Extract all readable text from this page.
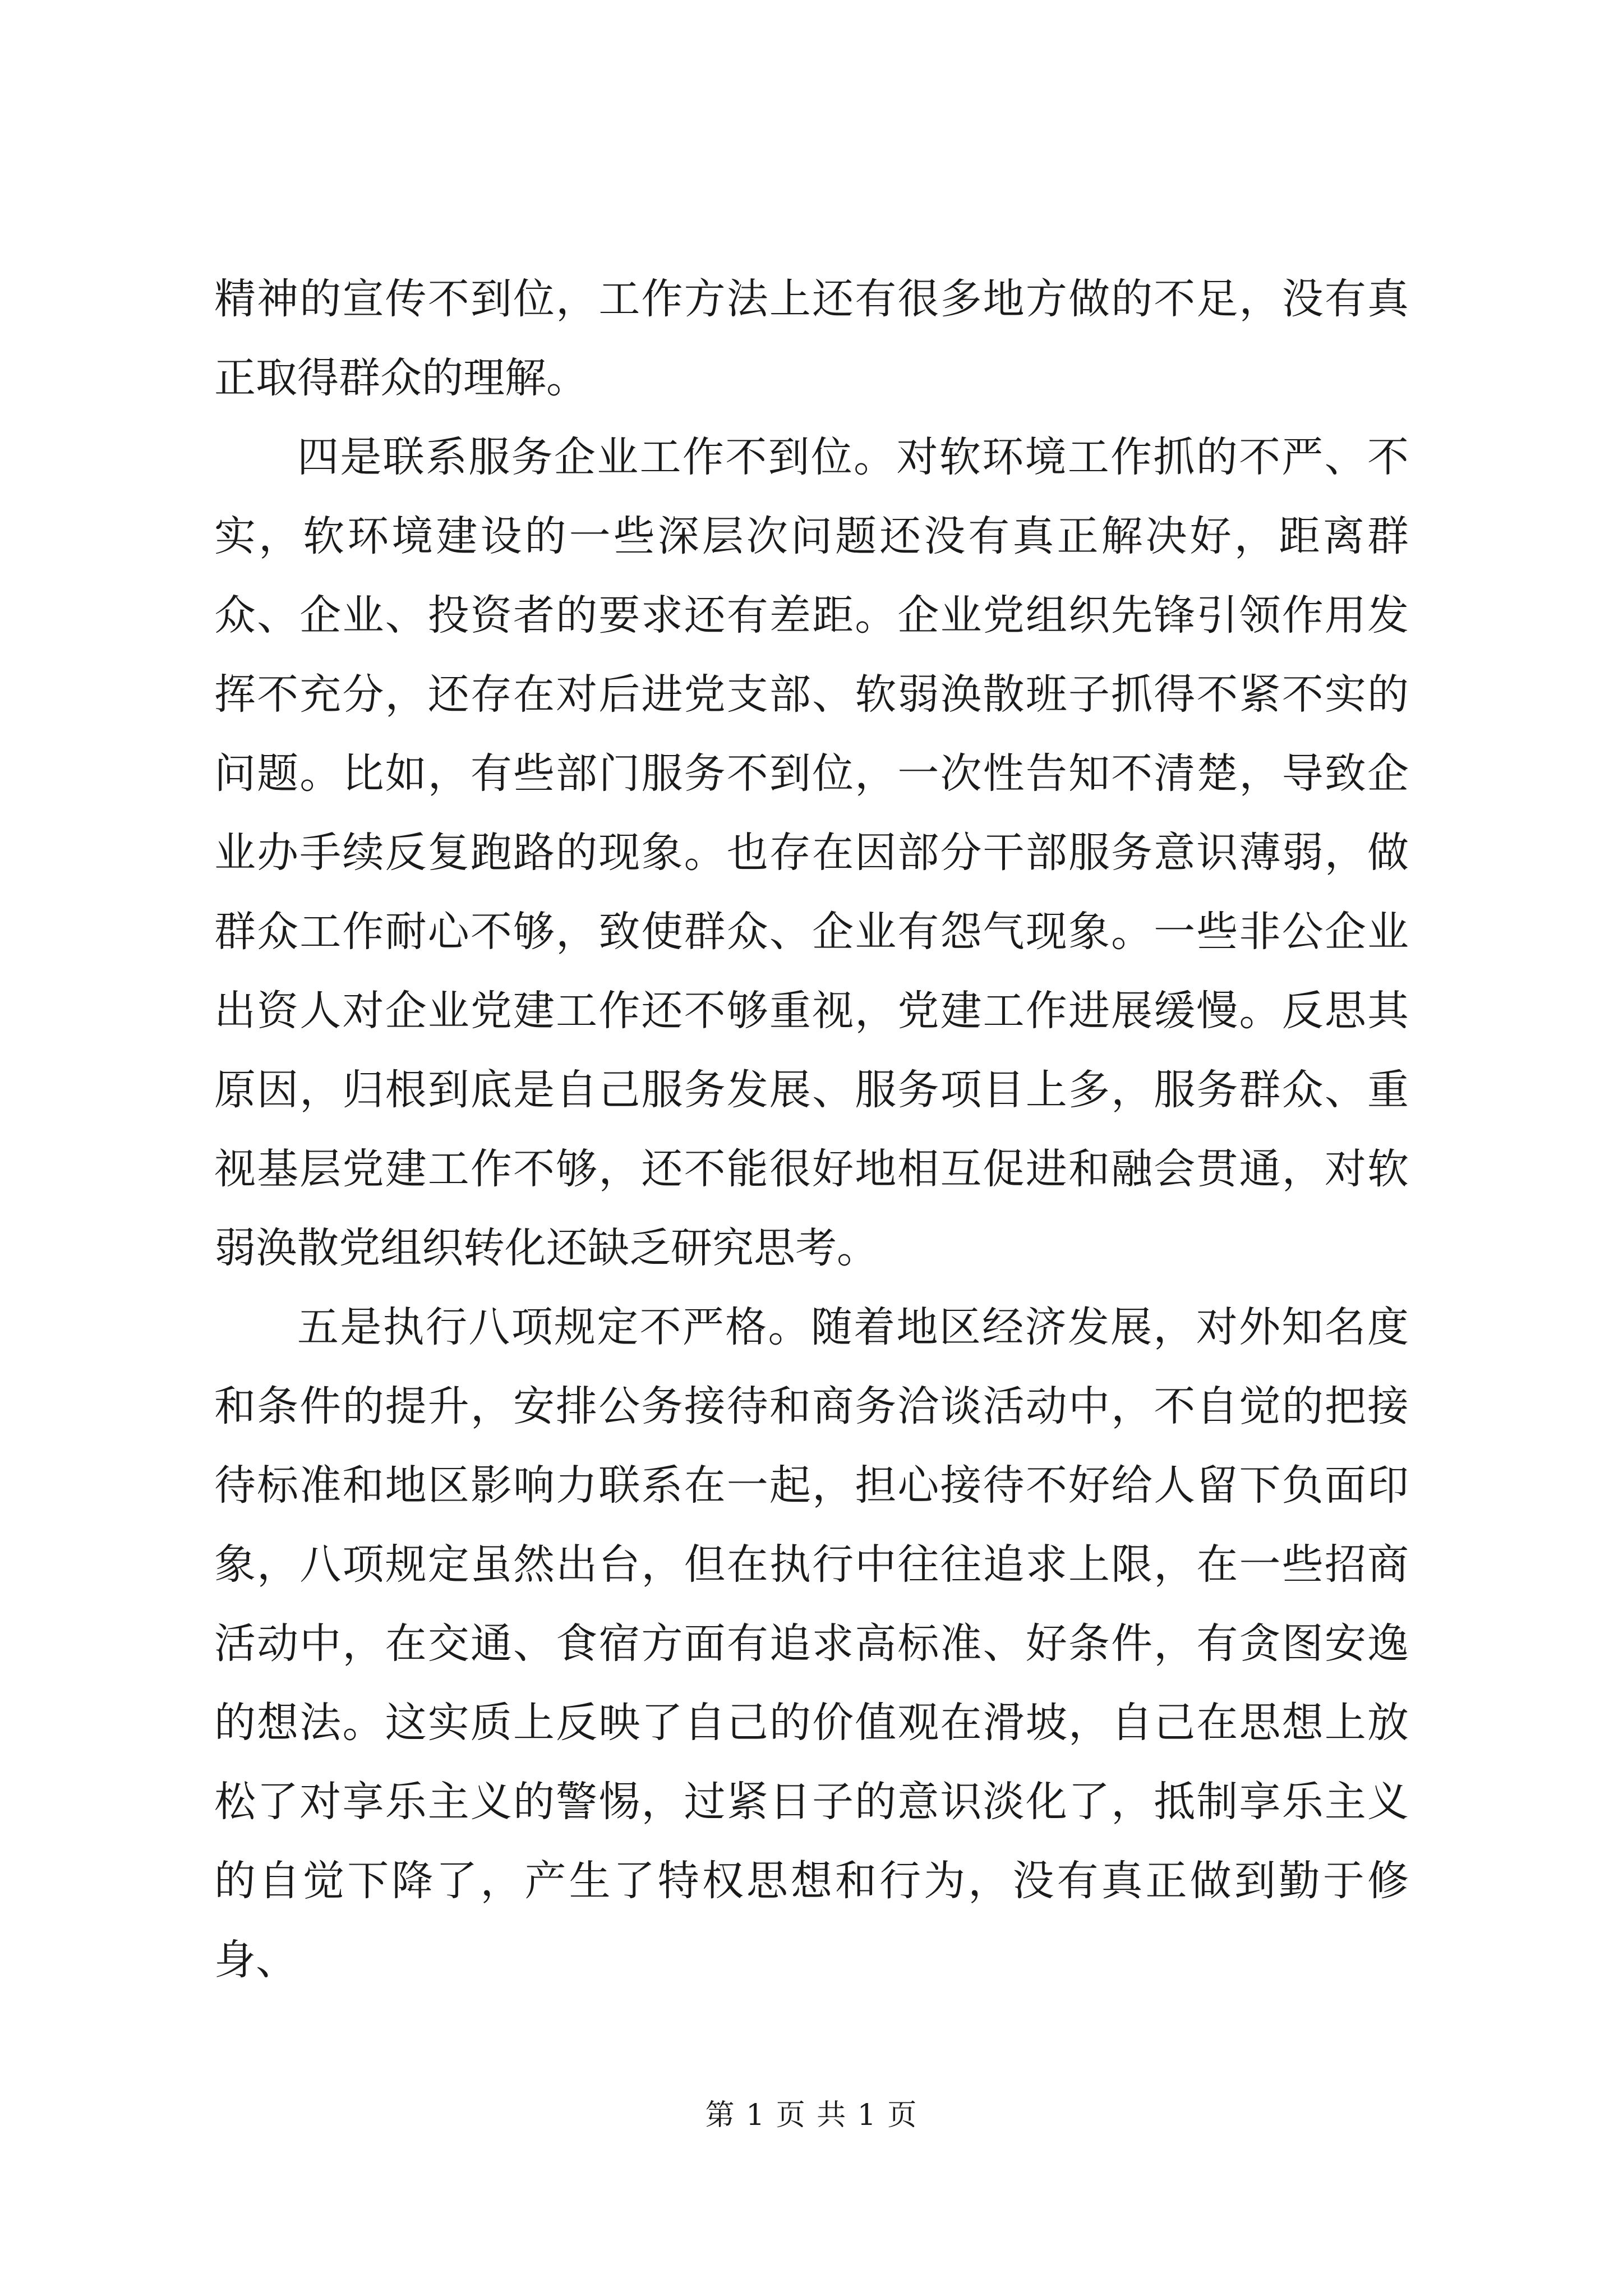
精神的宣传不到位，工作方法上还有很多地方做的不足，没有真正取得群众的理解。

四是联系服务企业工作不到位。对软环境工作抓的不严、不实，软环境建设的一些深层次问题还没有真正解决好，距离群众、企业、投资者的要求还有差距。企业党组织先锋引领作用发挥不充分，还存在对后进党支部、软弱涣散班子抓得不紧不实的问题。比如，有些部门服务不到位，一次性告知不清楚，导致企业办手续反复跑路的现象。也存在因部分干部服务意识薄弱，做群众工作耐心不够，致使群众、企业有怨气现象。一些非公企业出资人对企业党建工作还不够重视，党建工作进展缓慢。反思其原因，归根到底是自己服务发展、服务项目上多，服务群众、重视基层党建工作不够，还不能很好地相互促进和融会贯通，对软弱涣散党组织转化还缺乏研究思考。

五是执行八项规定不严格。随着地区经济发展，对外知名度和条件的提升，安排公务接待和商务洽谈活动中，不自觉的把接待标准和地区影响力联系在一起，担心接待不好给人留下负面印象，八项规定虽然出台，但在执行中往往追求上限，在一些招商活动中，在交通、食宿方面有追求高标准、好条件，有贪图安逸的想法。这实质上反映了自己的价值观在滑坡，自己在思想上放松了对享乐主义的警惕，过紧日子的意识淡化了，抵制享乐主义的自觉下降了，产生了特权思想和行为，没有真正做到勤于修身、

第 1 页 共 1 页
